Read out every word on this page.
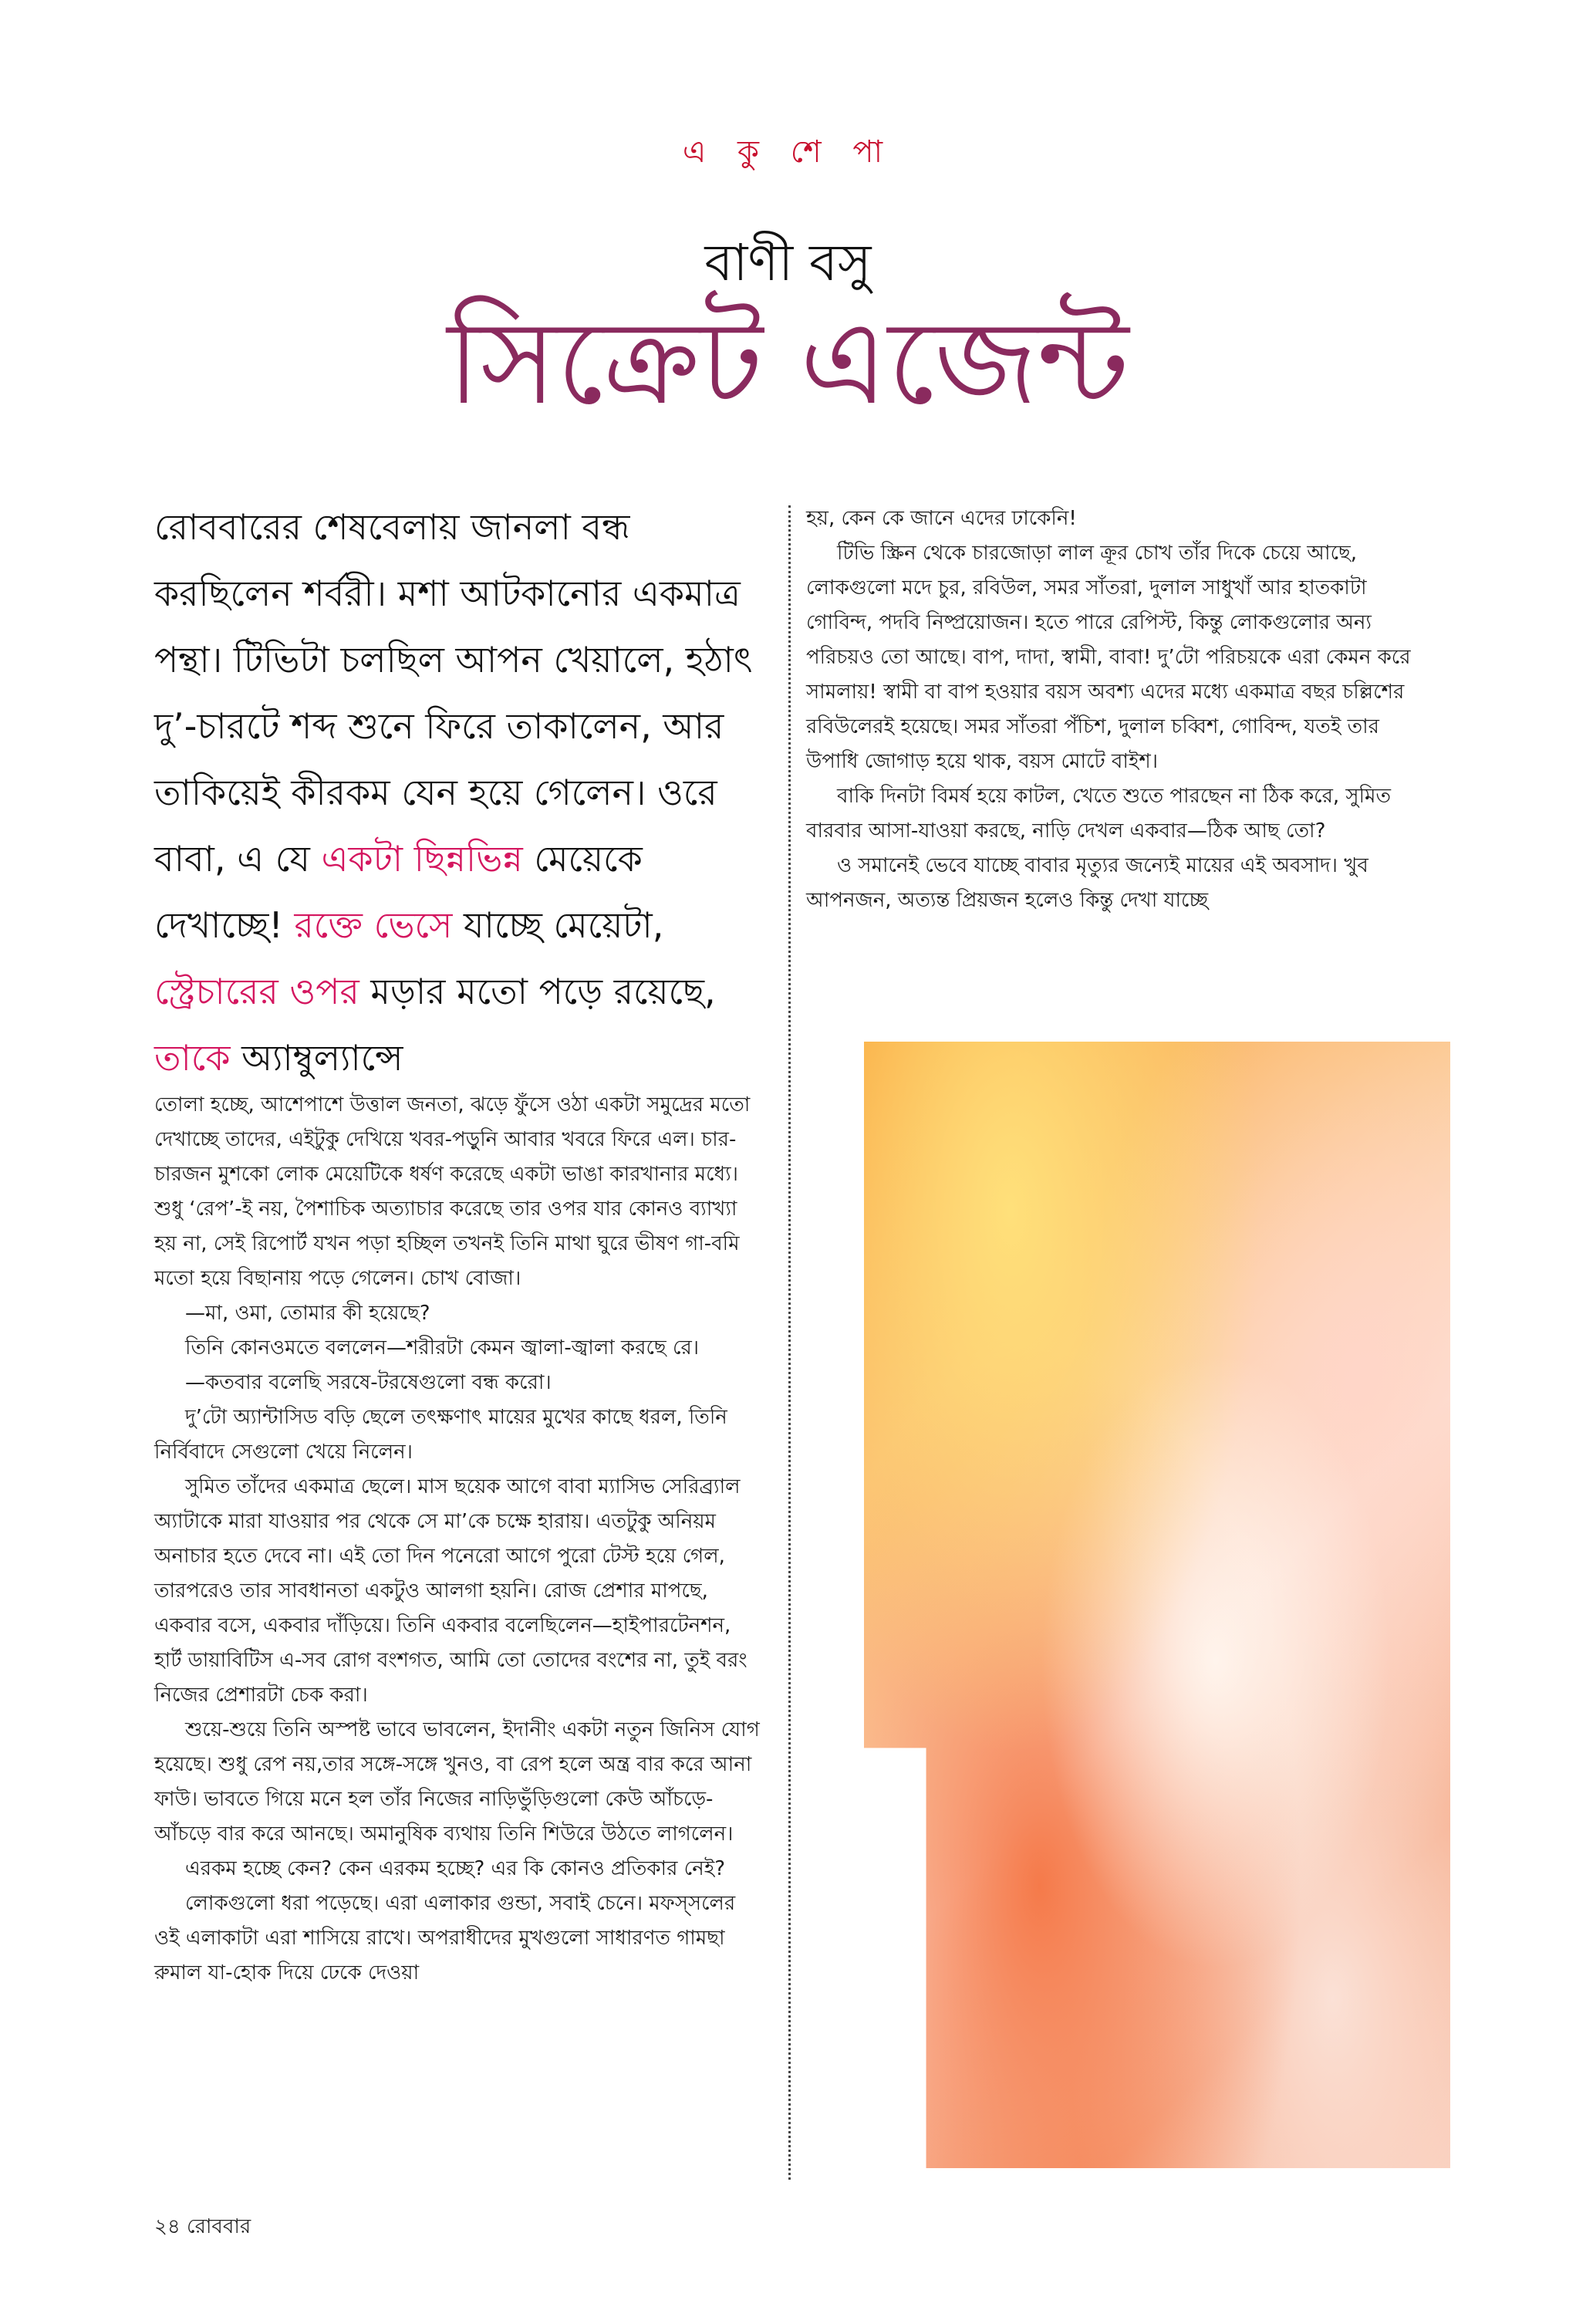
এ কু শে পা
বাণী বসু
সিক্রেট এজেন্ট
রোববারের শেষবেলায় জানলা বন্ধ করছিলেন শর্বরী। মশা আটকানোর একমাত্র পন্থা। টিভিটা চলছিল আপন খেয়ালে, হঠাৎ দু’-চারটে শব্দ শুনে ফিরে তাকালেন, আর তাকিয়েই কীরকম যেন হয়ে গেলেন। ওরে বাবা, এ যে একটা ছিন্নভিন্ন মেয়েকে দেখাচ্ছে! রক্তে ভেসে যাচ্ছে মেয়েটা, স্ট্রেচারের ওপর মড়ার মতো পড়ে রয়েছে, তাকে অ্যাম্বুল্যান্সে

তোলা হচ্ছে, আশেপাশে উত্তাল জনতা, ঝড়ে ফুঁসে ওঠা একটা সমুদ্রের মতো দেখাচ্ছে তাদের, এইটুকু দেখিয়ে খবর-পড়ুনি আবার খবরে ফিরে এল। চার-চারজন মুশকো লোক মেয়েটিকে ধর্ষণ করেছে একটা ভাঙা কারখানার মধ্যে। শুধু ‘রেপ’-ই নয়, পৈশাচিক অত্যাচার করেছে তার ওপর যার কোনও ব্যাখ্যা হয় না, সেই রিপোর্ট যখন পড়া হচ্ছিল তখনই তিনি মাথা ঘুরে ভীষণ গা-বমি মতো হয়ে বিছানায় পড়ে গেলেন। চোখ বোজা।

—মা, ওমা, তোমার কী হয়েছে?

তিনি কোনওমতে বললেন—শরীরটা কেমন জ্বালা-জ্বালা করছে রে।

—কতবার বলেছি সরষে-টরষেগুলো বন্ধ করো।

দু’টো অ্যান্টাসিড বড়ি ছেলে তৎক্ষণাৎ মায়ের মুখের কাছে ধরল, তিনি নির্বিবাদে সেগুলো খেয়ে নিলেন।

সুমিত তাঁদের একমাত্র ছেলে। মাস ছয়েক আগে বাবা ম্যাসিভ সেরিব্র্যাল অ্যাটাকে মারা যাওয়ার পর থেকে সে মা’কে চক্ষে হারায়। এতটুকু অনিয়ম অনাচার হতে দেবে না। এই তো দিন পনেরো আগে পুরো টেস্ট হয়ে গেল, তারপরেও তার সাবধানতা একটুও আলগা হয়নি। রোজ প্রেশার মাপছে, একবার বসে, একবার দাঁড়িয়ে। তিনি একবার বলেছিলেন—হাইপারটেনশন, হার্ট ডায়াবিটিস এ-সব রোগ বংশগত, আমি তো তোদের বংশের না, তুই বরং নিজের প্রেশারটা চেক করা।

শুয়ে-শুয়ে তিনি অস্পষ্ট ভাবে ভাবলেন, ইদানীং একটা নতুন জিনিস যোগ হয়েছে। শুধু রেপ নয়,তার সঙ্গে-সঙ্গে খুনও, বা রেপ হলে অন্ত্র বার করে আনা ফাউ। ভাবতে গিয়ে মনে হল তাঁর নিজের নাড়িভুঁড়িগুলো কেউ আঁচড়ে-আঁচড়ে বার করে আনছে। অমানুষিক ব্যথায় তিনি শিউরে উঠতে লাগলেন।

এরকম হচ্ছে কেন? কেন এরকম হচ্ছে? এর কি কোনও প্রতিকার নেই?

লোকগুলো ধরা পড়েছে। এরা এলাকার গুন্ডা, সবাই চেনে। মফস্সলের ওই এলাকাটা এরা শাসিয়ে রাখে। অপরাধীদের মুখগুলো সাধারণত গামছা রুমাল যা-হোক দিয়ে ঢেকে দেওয়া

হয়, কেন কে জানে এদের ঢাকেনি!

টিভি স্ক্রিন থেকে চারজোড়া লাল ক্রূর চোখ তাঁর দিকে চেয়ে আছে, লোকগুলো মদে চুর, রবিউল, সমর সাঁতরা, দুলাল সাধুখাঁ আর হাতকাটা গোবিন্দ, পদবি নিষ্প্রয়োজন। হতে পারে রেপিস্ট, কিন্তু লোকগুলোর অন্য পরিচয়ও তো আছে। বাপ, দাদা, স্বামী, বাবা! দু’টো পরিচয়কে এরা কেমন করে সামলায়! স্বামী বা বাপ হওয়ার বয়স অবশ্য এদের মধ্যে একমাত্র বছর চল্লিশের রবিউলেরই হয়েছে। সমর সাঁতরা পঁচিশ, দুলাল চব্বিশ, গোবিন্দ, যতই তার উপাধি জোগাড় হয়ে থাক, বয়স মোটে বাইশ।

বাকি দিনটা বিমর্ষ হয়ে কাটল, খেতে শুতে পারছেন না ঠিক করে, সুমিত বারবার আসা-যাওয়া করছে, নাড়ি দেখল একবার—ঠিক আছ তো?

ও সমানেই ভেবে যাচ্ছে বাবার মৃত্যুর জন্যেই মায়ের এই অবসাদ। খুব আপনজন, অত্যন্ত প্রিয়জন হলেও কিন্তু দেখা যাচ্ছে

২৪ রোববার
